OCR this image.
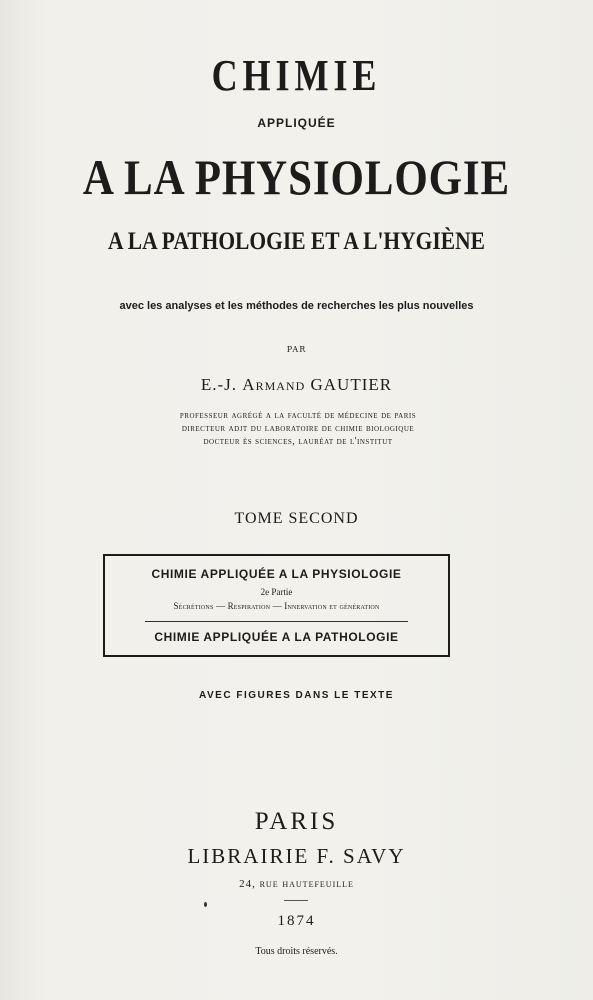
CHIMIE
APPLIQUÉE
A LA PHYSIOLOGIE
A LA PATHOLOGIE ET A L'HYGIÈNE
avec les analyses et les méthodes de recherches les plus nouvelles
PAR
E.-J. Armand GAUTIER
professeur agrégé a la faculté de médecine de paris
directeur adjt du laboratoire de chimie biologique
docteur ès sciences, lauréat de l'institut
TOME SECOND
CHIMIE APPLIQUÉE A LA PHYSIOLOGIE
2e Partie
Sécrétions — Respiration — Innervation et génération
CHIMIE APPLIQUÉE A LA PATHOLOGIE
AVEC FIGURES DANS LE TEXTE
PARIS
LIBRAIRIE F. SAVY
24, rue hautefeuille
1874
Tous droits réservés.
